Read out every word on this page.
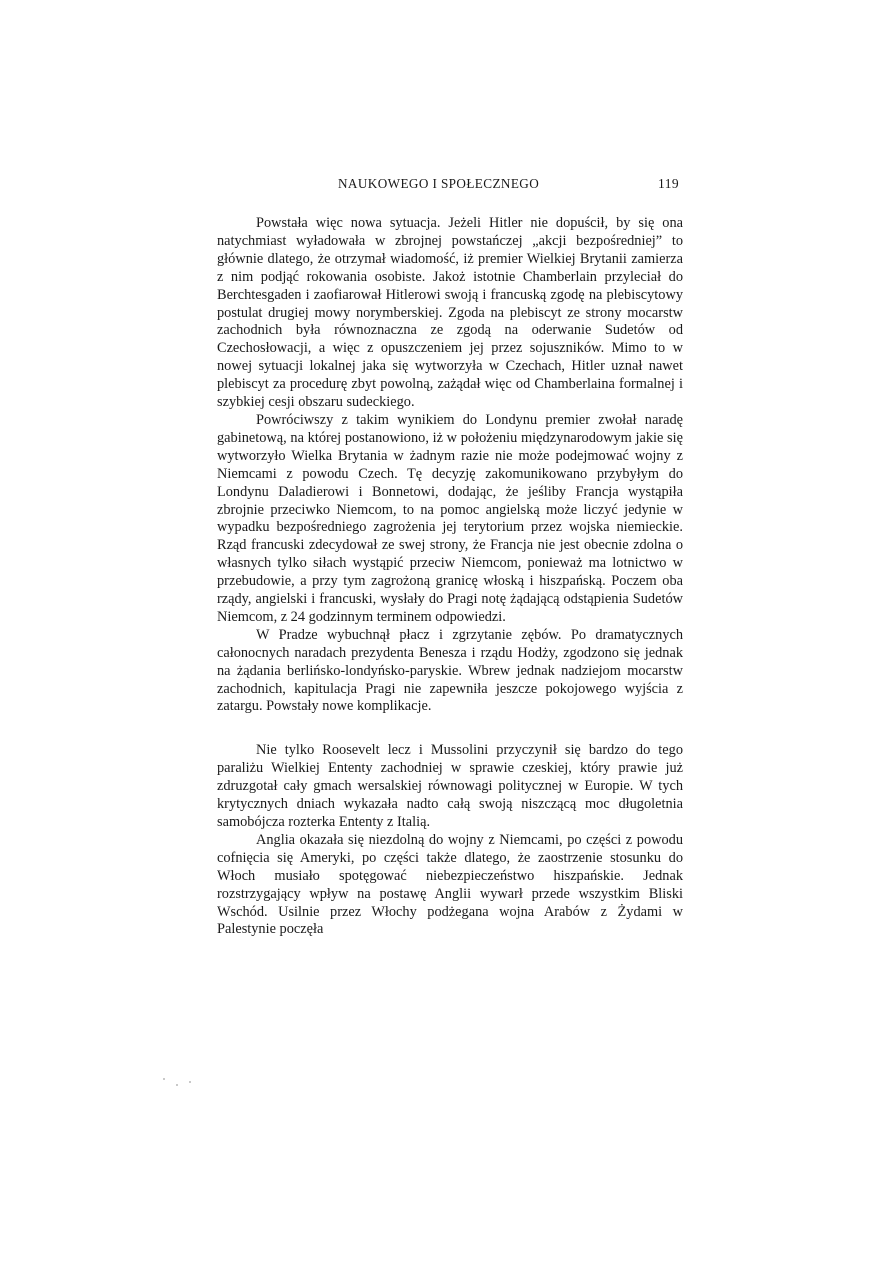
NAUKOWEGO I SPOŁECZNEGO	119

Powstała więc nowa sytuacja. Jeżeli Hitler nie dopuścił, by się ona natychmiast wyładowała w zbrojnej powstańczej „akcji bezpośredniej” to głównie dlatego, że otrzymał wiadomość, iż premier Wielkiej Brytanii zamierza z nim podjąć rokowania osobiste. Jakoż istotnie Chamberlain przyleciał do Berchtesgaden i zaofiarował Hitlerowi swoją i francuską zgodę na plebiscytowy postulat drugiej mowy norymberskiej. Zgoda na plebiscyt ze strony mocarstw zachodnich była równoznaczna ze zgodą na oderwanie Sudetów od Czechosłowacji, a więc z opuszczeniem jej przez sojuszników. Mimo to w nowej sytuacji lokalnej jaka się wytworzyła w Czechach, Hitler uznał nawet plebiscyt za procedurę zbyt powolną, zażądał więc od Chamberlaina formalnej i szybkiej cesji obszaru sudeckiego.

Powróciwszy z takim wynikiem do Londynu premier zwołał naradę gabinetową, na której postanowiono, iż w położeniu międzynarodowym jakie się wytworzyło Wielka Brytania w żadnym razie nie może podejmować wojny z Niemcami z powodu Czech. Tę decyzję zakomunikowano przybyłym do Londynu Daladierowi i Bonnetowi, dodając, że jeśliby Francja wystąpiła zbrojnie przeciwko Niemcom, to na pomoc angielską może liczyć jedynie w wypadku bezpośredniego zagrożenia jej terytorium przez wojska niemieckie. Rząd francuski zdecydował ze swej strony, że Francja nie jest obecnie zdolna o własnych tylko siłach wystąpić przeciw Niemcom, ponieważ ma lotnictwo w przebudowie, a przy tym zagrożoną granicę włoską i hiszpańską. Poczem oba rządy, angielski i francuski, wysłały do Pragi notę żądającą odstąpienia Sudetów Niemcom, z 24 godzinnym terminem odpowiedzi.

W Pradze wybuchnął płacz i zgrzytanie zębów. Po dramatycznych całonocnych naradach prezydenta Benesza i rządu Hodży, zgodzono się jednak na żądania berlińsko-londyńsko-paryskie. Wbrew jednak nadziejom mocarstw zachodnich, kapitulacja Pragi nie zapewniła jeszcze pokojowego wyjścia z zatargu. Powstały nowe komplikacje.

Nie tylko Roosevelt lecz i Mussolini przyczynił się bardzo do tego paraliżu Wielkiej Ententy zachodniej w sprawie czeskiej, który prawie już zdruzgotał cały gmach wersalskiej równowagi politycznej w Europie. W tych krytycznych dniach wykazała nadto całą swoją niszczącą moc długoletnia samobójcza rozterka Ententy z Italią.

Anglia okazała się niezdolną do wojny z Niemcami, po części z powodu cofnięcia się Ameryki, po części także dlatego, że zaostrzenie stosunku do Włoch musiało spotęgować niebezpieczeństwo hiszpańskie. Jednak rozstrzygający wpływ na postawę Anglii wywarł przede wszystkim Bliski Wschód. Usilnie przez Włochy podżegana wojna Arabów z Żydami w Palestynie poczęła
